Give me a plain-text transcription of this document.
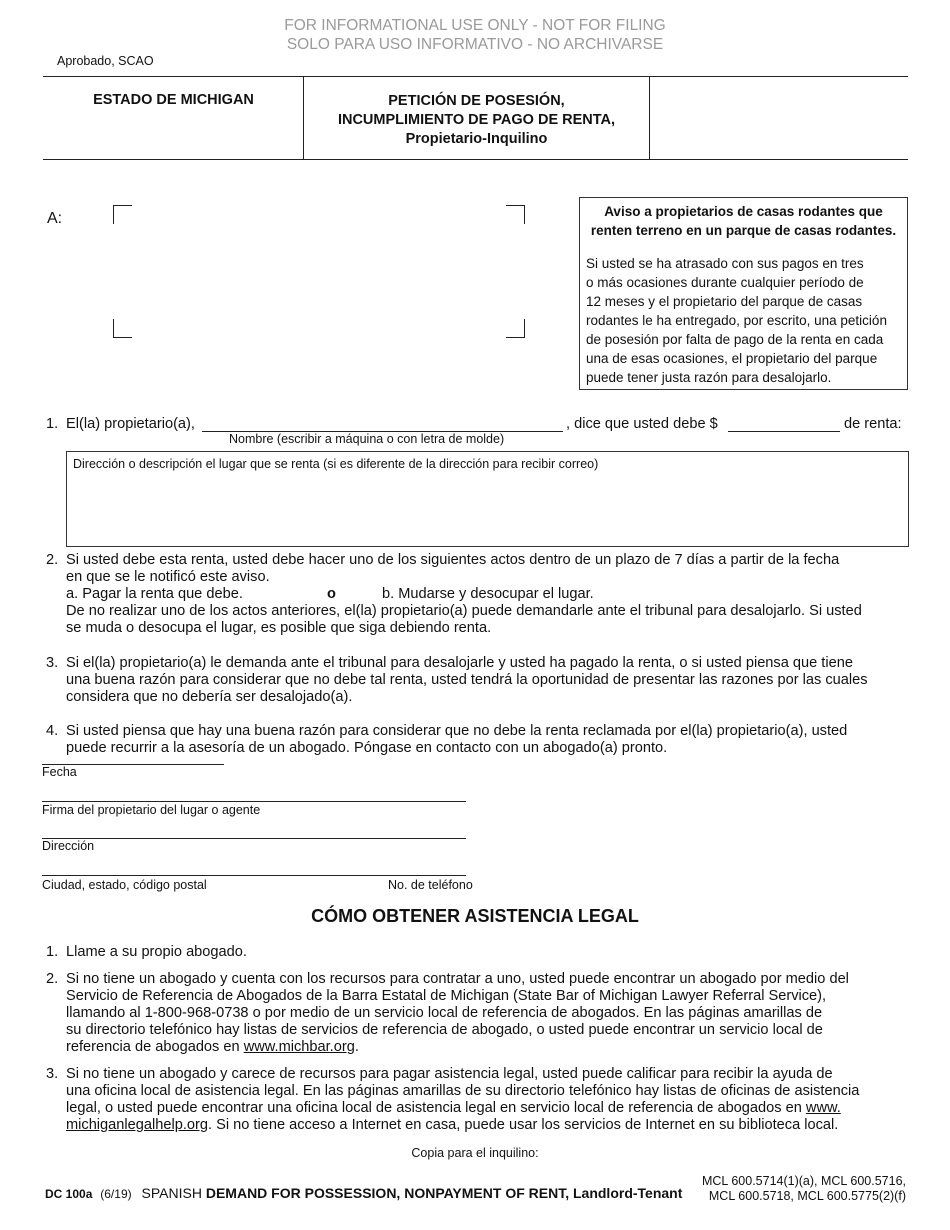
FOR INFORMATIONAL USE ONLY - NOT FOR FILING
SOLO PARA USO INFORMATIVO - NO ARCHIVARSE
Aprobado, SCAO
ESTADO DE MICHIGAN	PETICIÓN DE POSESIÓN,
INCUMPLIMIENTO DE PAGO DE RENTA,
Propietario-Inquilino
A:	Aviso a propietarios de casas rodantes que
renten terreno en un parque de casas rodantes.
Si usted se ha atrasado con sus pagos en tres
o más ocasiones durante cualquier período de
12 meses y el propietario del parque de casas
rodantes le ha entregado, por escrito, una petición
de posesión por falta de pago de la renta en cada
una de esas ocasiones, el propietario del parque
puede tener justa razón para desalojarlo.
1. El(la) propietario(a),	, dice que usted debe $	de renta:
Nombre (escribir a máquina o con letra de molde)
Dirección o descripción el lugar que se renta (si es diferente de la dirección para recibir correo)
2. Si usted debe esta renta, usted debe hacer uno de los siguientes actos dentro de un plazo de 7 días a partir de la fecha
en que se le notificó este aviso.
a. Pagar la renta que debe.	o	b. Mudarse y desocupar el lugar.
De no realizar uno de los actos anteriores, el(la) propietario(a) puede demandarle ante el tribunal para desalojarlo. Si usted
se muda o desocupa el lugar, es posible que siga debiendo renta.
3. Si el(la) propietario(a) le demanda ante el tribunal para desalojarle y usted ha pagado la renta, o si usted piensa que tiene
una buena razón para considerar que no debe tal renta, usted tendrá la oportunidad de presentar las razones por las cuales
considera que no debería ser desalojado(a).
4. Si usted piensa que hay una buena razón para considerar que no debe la renta reclamada por el(la) propietario(a), usted
puede recurrir a la asesoría de un abogado. Póngase en contacto con un abogado(a) pronto.
Fecha
Firma del propietario del lugar o agente
Dirección
Ciudad, estado, código postal	No. de teléfono
CÓMO OBTENER ASISTENCIA LEGAL
1. Llame a su propio abogado.
2. Si no tiene un abogado y cuenta con los recursos para contratar a uno, usted puede encontrar un abogado por medio del
Servicio de Referencia de Abogados de la Barra Estatal de Michigan (State Bar of Michigan Lawyer Referral Service),
llamando al 1-800-968-0738 o por medio de un servicio local de referencia de abogados. En las páginas amarillas de
su directorio telefónico hay listas de servicios de referencia de abogado, o usted puede encontrar un servicio local de
referencia de abogados en www.michbar.org.
3. Si no tiene un abogado y carece de recursos para pagar asistencia legal, usted puede calificar para recibir la ayuda de
una oficina local de asistencia legal. En las páginas amarillas de su directorio telefónico hay listas de oficinas de asistencia
legal, o usted puede encontrar una oficina local de asistencia legal en servicio local de referencia de abogados en www.
michiganlegalhelp.org. Si no tiene acceso a Internet en casa, puede usar los servicios de Internet en su biblioteca local.
Copia para el inquilino:
DC 100a (6/19) SPANISH DEMAND FOR POSSESSION, NONPAYMENT OF RENT, Landlord-Tenant
MCL 600.5714(1)(a), MCL 600.5716,
MCL 600.5718, MCL 600.5775(2)(f)
